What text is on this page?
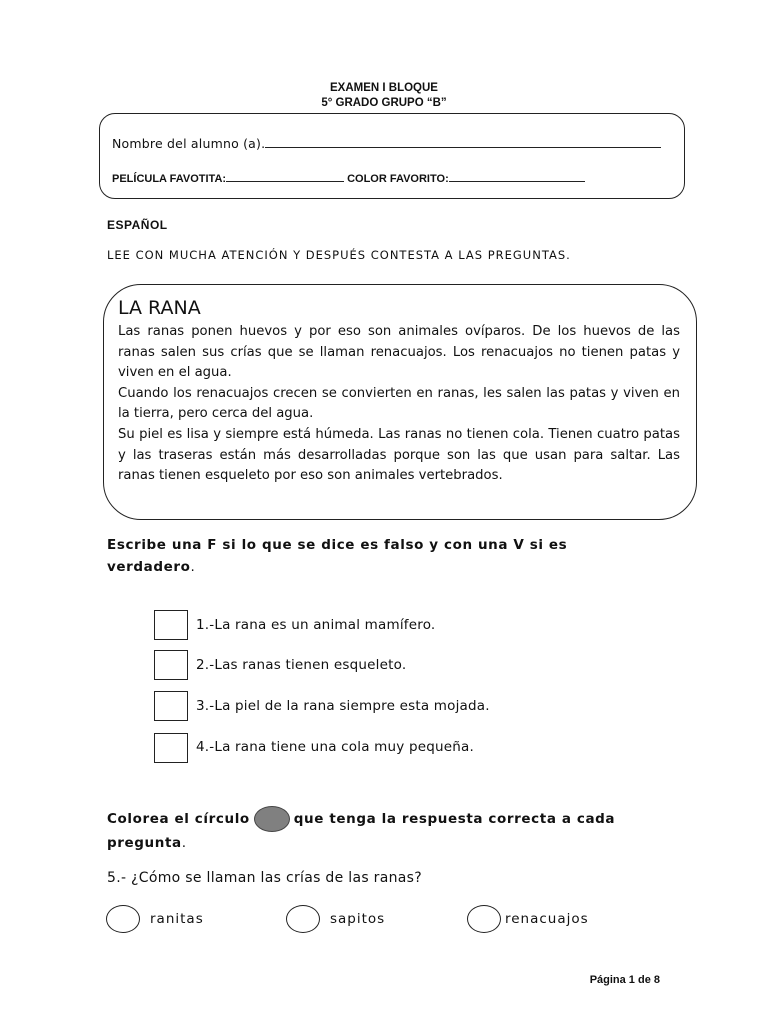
EXAMEN I BLOQUE
5° GRADO GRUPO “B”
Nombre del alumno (a).
PELÍCULA FAVOTITA:	COLOR FAVORITO:
ESPAÑOL
LEE CON MUCHA ATENCIÓN Y DESPUÉS CONTESTA A LAS PREGUNTAS.
LA RANA

Las ranas ponen huevos y por eso son animales ovíparos. De los huevos de las ranas salen sus crías que se llaman renacuajos. Los renacuajos no tienen patas y viven en el agua.

Cuando los renacuajos crecen se convierten en ranas, les salen las patas y viven en la tierra, pero cerca del agua.

Su piel es lisa y siempre está húmeda. Las ranas no tienen cola. Tienen cuatro patas y las traseras están más desarrolladas porque son las que usan para saltar. Las ranas tienen esqueleto por eso son animales vertebrados.

Escribe una F si lo que se dice es falso y con una V si es
verdadero.
1.-La rana es un animal mamífero.
2.-Las ranas tienen esqueleto.
3.-La piel de la rana siempre esta mojada.
4.-La rana tiene una cola muy pequeña.
Colorea el círculo	que tenga la respuesta correcta a cada
pregunta.
5.- ¿Cómo se llaman las crías de las ranas?
ranitas	sapitos	renacuajos
Página 1 de 8
